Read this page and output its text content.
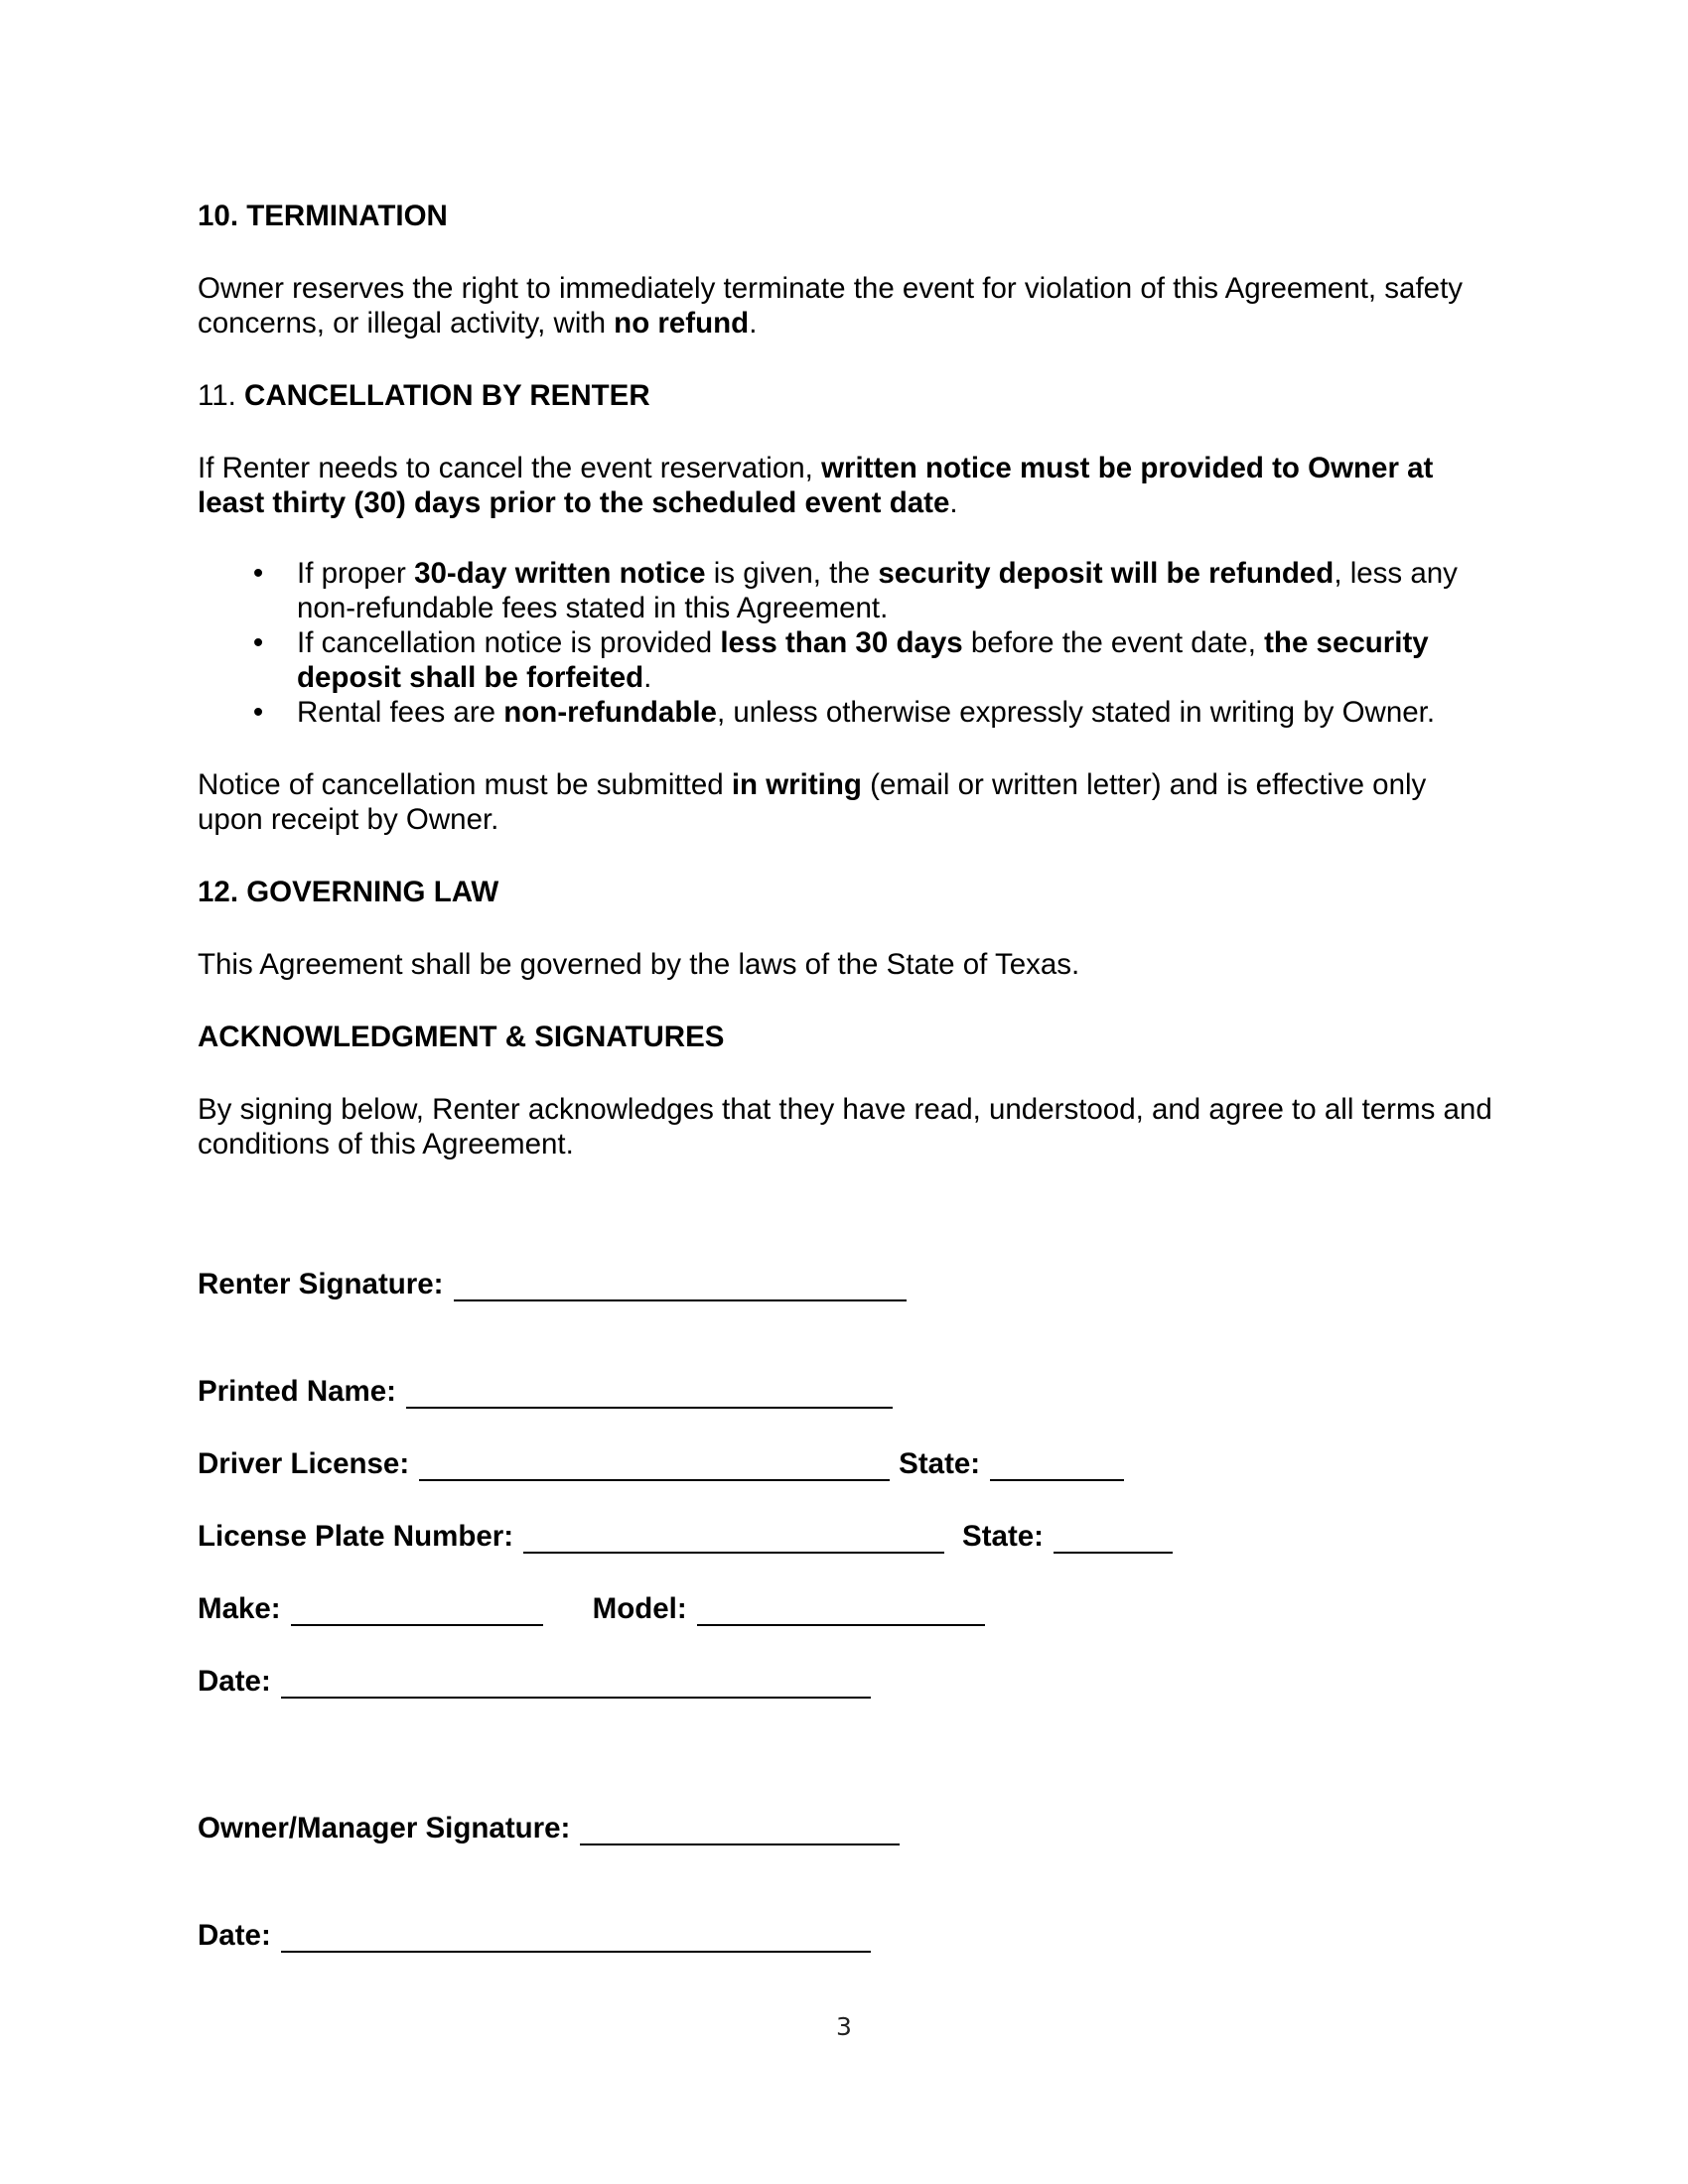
10. TERMINATION

Owner reserves the right to immediately terminate the event for violation of this Agreement, safety concerns, or illegal activity, with no refund.

11. CANCELLATION BY RENTER

If Renter needs to cancel the event reservation, written notice must be provided to Owner at least thirty (30) days prior to the scheduled event date.

• If proper 30-day written notice is given, the security deposit will be refunded, less any non-refundable fees stated in this Agreement.
• If cancellation notice is provided less than 30 days before the event date, the security deposit shall be forfeited.
• Rental fees are non-refundable, unless otherwise expressly stated in writing by Owner.

Notice of cancellation must be submitted in writing (email or written letter) and is effective only upon receipt by Owner.

12. GOVERNING LAW

This Agreement shall be governed by the laws of the State of Texas.

ACKNOWLEDGMENT & SIGNATURES

By signing below, Renter acknowledges that they have read, understood, and agree to all terms and conditions of this Agreement.

Renter Signature:
Printed Name:
Driver License:	State:
License Plate Number:	State:
Make:	Model:
Date:
Owner/Manager Signature:
Date:
3
